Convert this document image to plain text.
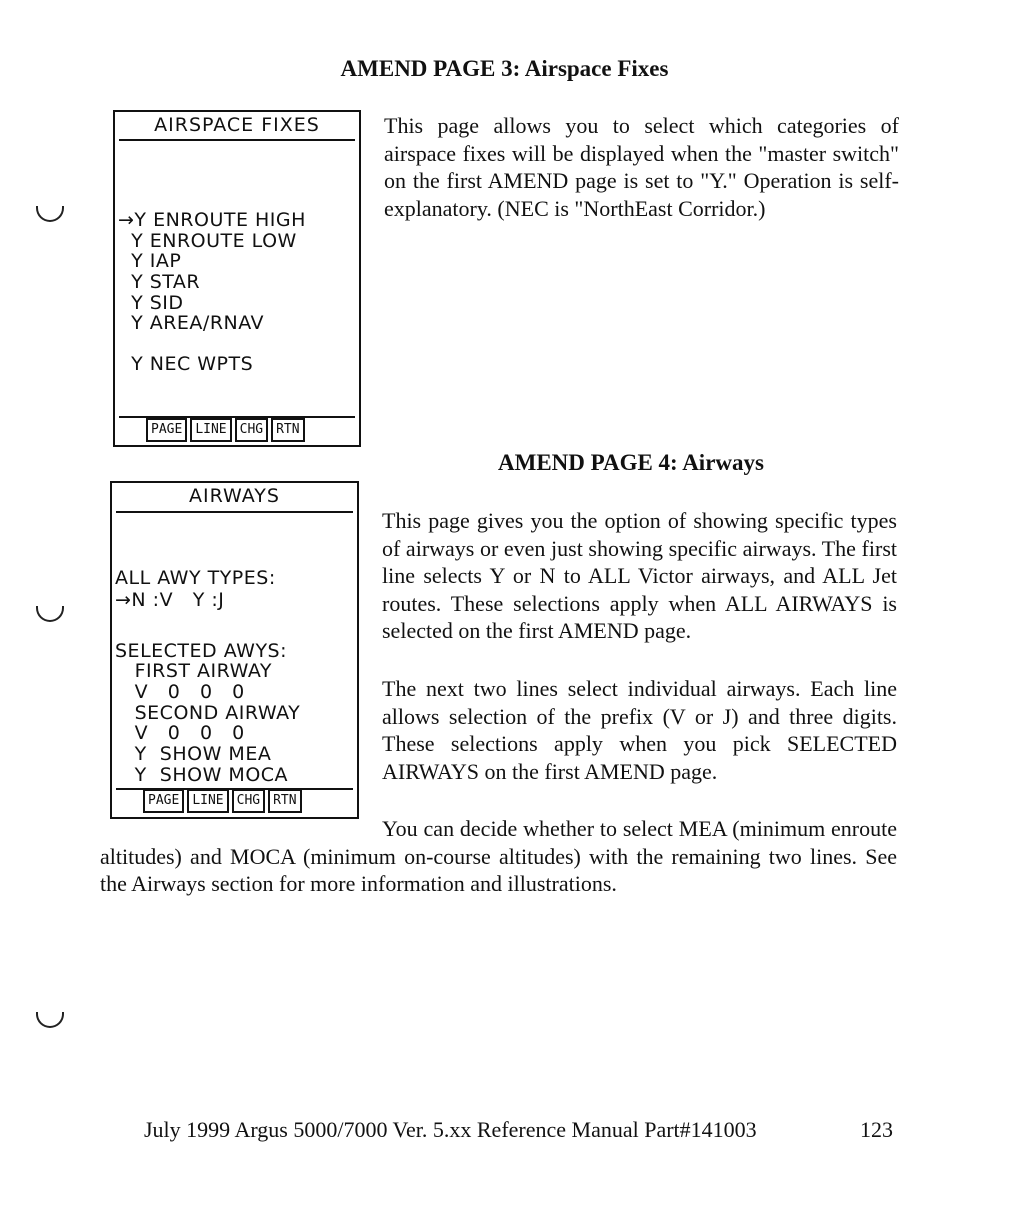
AMEND PAGE 3: Airspace Fixes
AIRSPACE FIXES
→Y ENROUTE HIGH
Y ENROUTE LOW
Y IAP
Y STAR
Y SID
Y AREA/RNAV
Y NEC WPTS
PAGE	LINE	CHG	RTN

This page allows you to select which categories of airspace fixes will be displayed when the "master switch" on the first AMEND page is set to "Y." Operation is self-explanatory. (NEC is "NorthEast Corridor.)

AMEND PAGE 4: Airways
AIRWAYS
ALL AWY TYPES:
→N :V   Y :J
SELECTED AWYS:
FIRST AIRWAY
V   0   0   0
SECOND AIRWAY
V   0   0   0
Y  SHOW MEA
Y  SHOW MOCA
PAGE	LINE	CHG	RTN

This page gives you the option of showing specific types of airways or even just showing specific airways. The first line selects Y or N to ALL Victor airways, and ALL Jet routes. These selections apply when ALL AIRWAYS is selected on the first AMEND page.

The next two lines select individual airways. Each line allows selection of the prefix (V or J) and three digits. These selections apply when you pick SELECTED AIRWAYS on the first AMEND page.

You can decide whether to select MEA (minimum enroute altitudes) and MOCA (minimum on-course altitudes) with the remaining two lines. See the Airways section for more information and illustrations.

July 1999 Argus 5000/7000 Ver. 5.xx Reference Manual Part#141003	123
